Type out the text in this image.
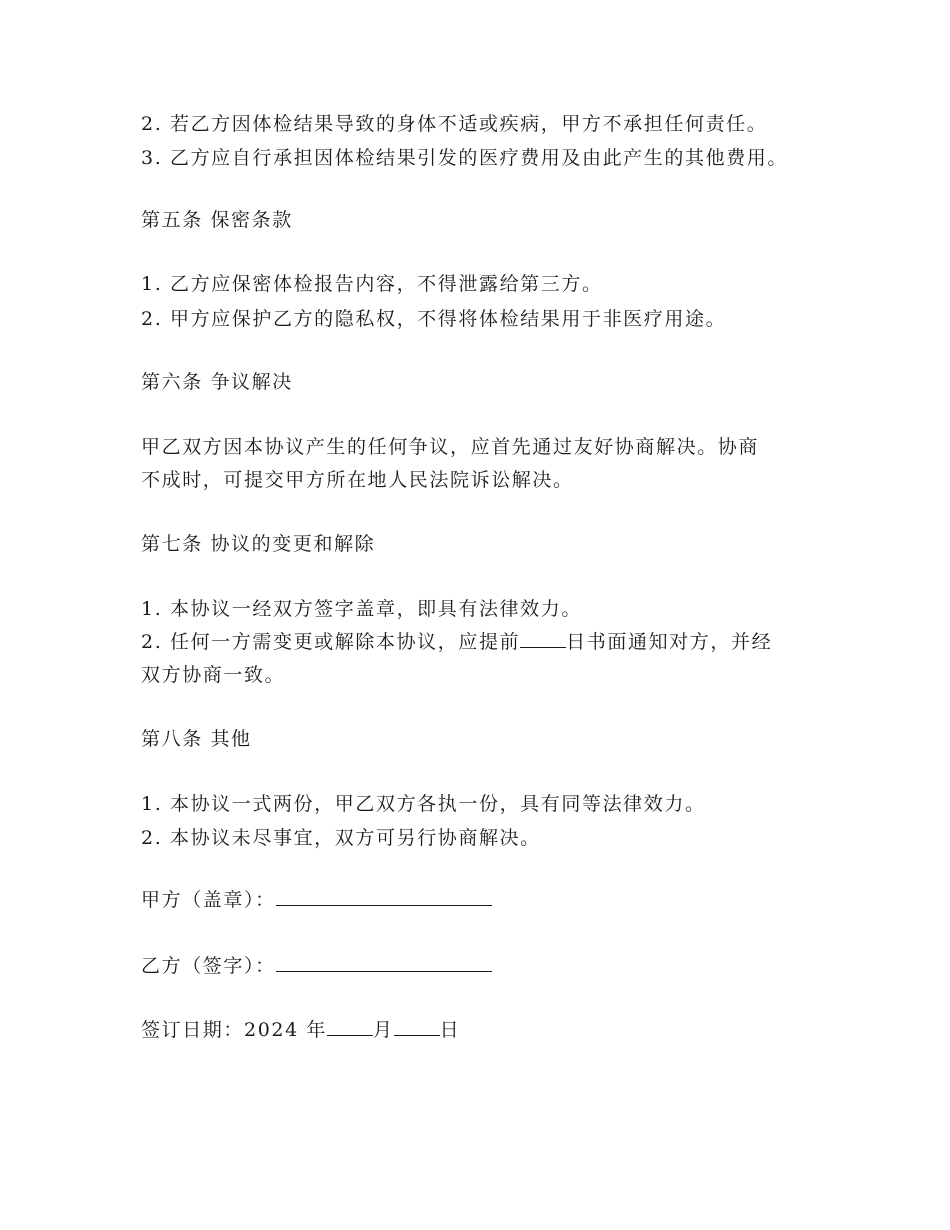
2. 若乙方因体检结果导致的身体不适或疾病，甲方不承担任何责任。
3. 乙方应自行承担因体检结果引发的医疗费用及由此产生的其他费用。
第五条 保密条款
1. 乙方应保密体检报告内容，不得泄露给第三方。
2. 甲方应保护乙方的隐私权，不得将体检结果用于非医疗用途。
第六条 争议解决
甲乙双方因本协议产生的任何争议，应首先通过友好协商解决。协商
不成时，可提交甲方所在地人民法院诉讼解决。
第七条 协议的变更和解除
1. 本协议一经双方签字盖章，即具有法律效力。
2. 任何一方需变更或解除本协议，应提前 日书面通知对方，并经
双方协商一致。
第八条 其他
1. 本协议一式两份，甲乙双方各执一份，具有同等法律效力。
2. 本协议未尽事宜，双方可另行协商解决。
甲方（盖章）：
乙方（签字）：
签订日期：2024 年 月 日
